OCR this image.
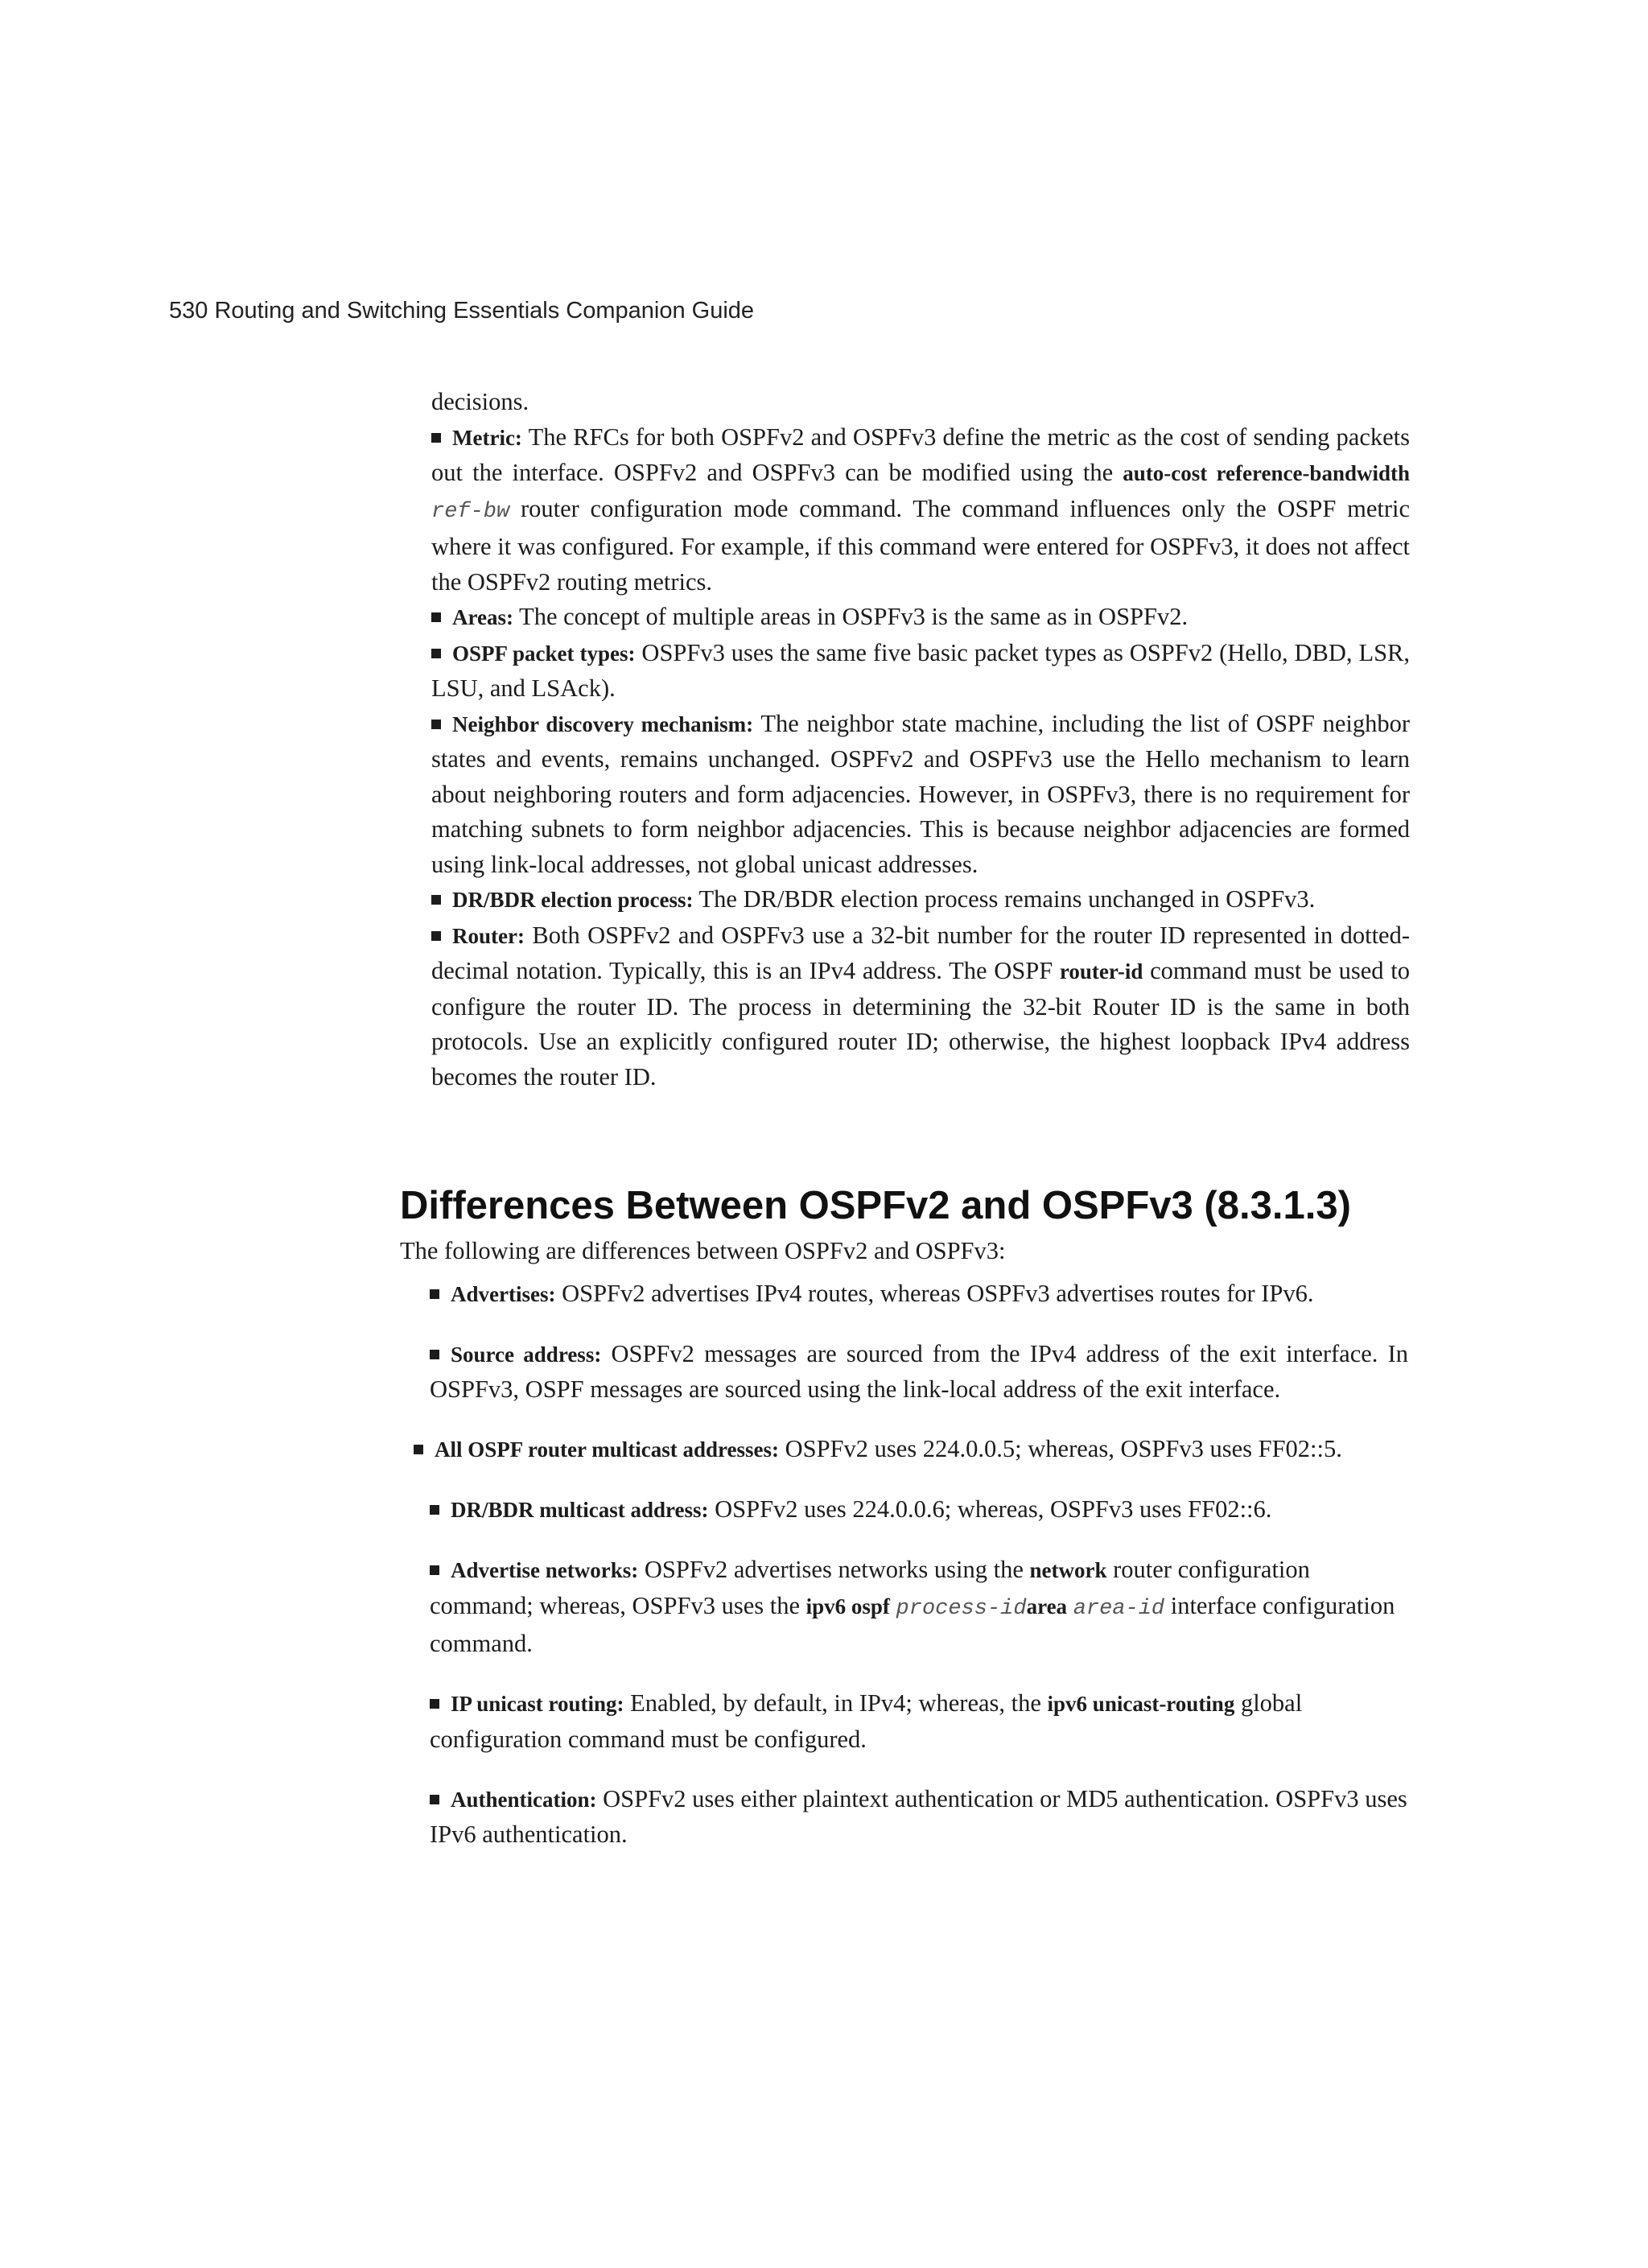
530 Routing and Switching Essentials Companion Guide

decisions.

Metric: The RFCs for both OSPFv2 and OSPFv3 define the metric as the cost of sending packets out the interface. OSPFv2 and OSPFv3 can be modified using the auto-cost reference-bandwidth ref-bw router configuration mode command. The command influences only the OSPF metric where it was configured. For example, if this command were entered for OSPFv3, it does not affect the OSPFv2 routing metrics.

Areas: The concept of multiple areas in OSPFv3 is the same as in OSPFv2.

OSPF packet types: OSPFv3 uses the same five basic packet types as OSPFv2 (Hello, DBD, LSR, LSU, and LSAck).

Neighbor discovery mechanism: The neighbor state machine, including the list of OSPF neighbor states and events, remains unchanged. OSPFv2 and OSPFv3 use the Hello mechanism to learn about neighboring routers and form adjacencies. However, in OSPFv3, there is no requirement for matching subnets to form neighbor adjacencies. This is because neighbor adjacencies are formed using link-local addresses, not global unicast addresses.

DR/BDR election process: The DR/BDR election process remains unchanged in OSPFv3.

Router: Both OSPFv2 and OSPFv3 use a 32-bit number for the router ID represented in dotted-decimal notation. Typically, this is an IPv4 address. The OSPF router-id command must be used to configure the router ID. The process in determining the 32-bit Router ID is the same in both protocols. Use an explicitly configured router ID; otherwise, the highest loopback IPv4 address becomes the router ID.

Differences Between OSPFv2 and OSPFv3 (8.3.1.3)

The following are differences between OSPFv2 and OSPFv3:

Advertises: OSPFv2 advertises IPv4 routes, whereas OSPFv3 advertises routes for IPv6.

Source address: OSPFv2 messages are sourced from the IPv4 address of the exit interface. In OSPFv3, OSPF messages are sourced using the link-local address of the exit interface.

All OSPF router multicast addresses: OSPFv2 uses 224.0.0.5; whereas, OSPFv3 uses FF02::5.

DR/BDR multicast address: OSPFv2 uses 224.0.0.6; whereas, OSPFv3 uses FF02::6.

Advertise networks: OSPFv2 advertises networks using the network router configuration command; whereas, OSPFv3 uses the ipv6 ospf process-idarea area-id interface configuration command.

IP unicast routing: Enabled, by default, in IPv4; whereas, the ipv6 unicast-routing global configuration command must be configured.

Authentication: OSPFv2 uses either plaintext authentication or MD5 authentication. OSPFv3 uses IPv6 authentication.
